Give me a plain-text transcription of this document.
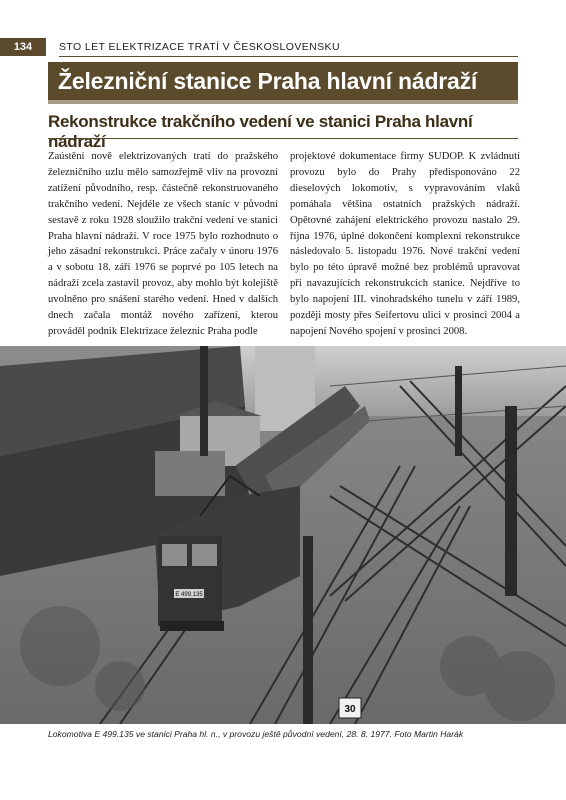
134	STO LET ELEKTRIZACE TRATÍ V ČESKOSLOVENSKU
Železniční stanice Praha hlavní nádraží
Rekonstrukce trakčního vedení ve stanici Praha hlavní nádraží
Zaústění nově elektrizovaných tratí do pražského železničního uzlu mělo samozřejmě vliv na provozní zatížení původního, resp. částečně rekonstruovaného trakčního vedení. Nejdéle ze všech staníc v původní sestavě z roku 1928 sloužilo trakční vedení ve stanici Praha hlavní nádraží. V roce 1975 bylo rozhodnuto o jeho zásadní rekonstrukci. Práce začaly v únoru 1976 a v sobotu 18. září 1976 se poprvé po 105 letech na nádraží zcela zastavil provoz, aby mohlo být kolejiště uvolněno pro snášení starého vedení. Hned v dalších dnech začala montáž nového zařízení, kterou prováděl podnik Elektrizace železnic Praha podle
projektové dokumentace firmy SUDOP. K zvládnutí provozu bylo do Prahy předisponováno 22 dieselových lokomotiv, s vypravováním vlaků pomáhala většina ostatních pražských nádraží. Opětovné zahájení elektrického provozu nastalo 29. října 1976, úplné dokončení komplexní rekonstrukce následovalo 5. listopadu 1976. Nové trakční vedení bylo po této úpravě možné bez problémů upravovat při navazujících rekonstrukcích stanice. Nejdříve to bylo napojení III. vinohradského tunelu v září 1989, později mosty přes Seifertovu ulici v prosinci 2004 a napojení Nového spojení v prosinci 2008.
E 499.135
30
Lokomotiva E 499.135 ve stanici Praha hl. n., v provozu ještě původní vedení, 28. 8. 1977. Foto Martin Harák
